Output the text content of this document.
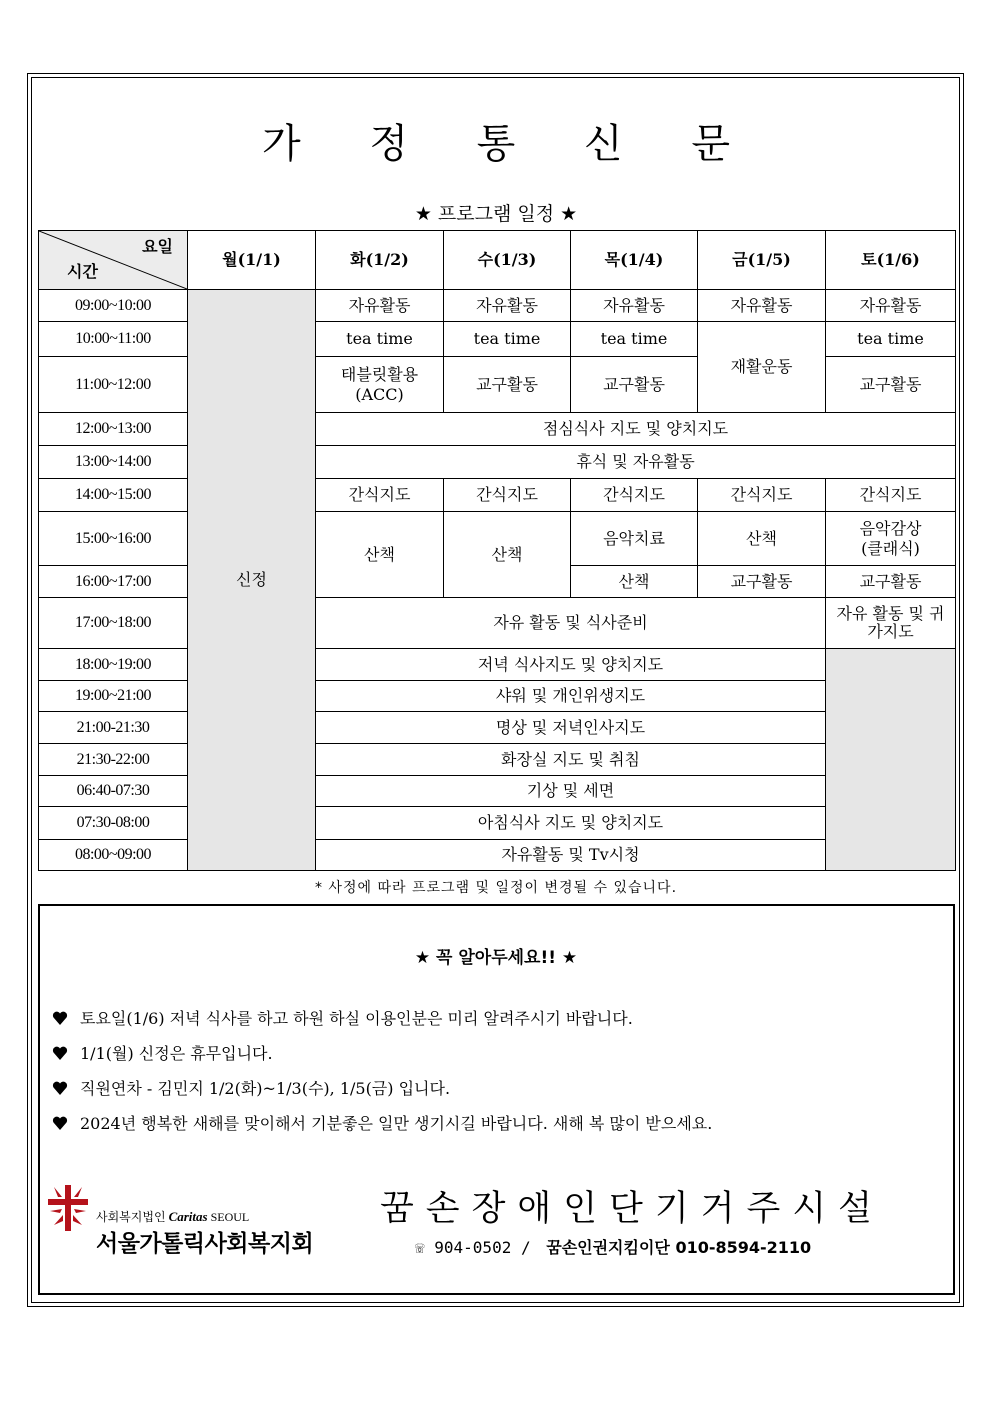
가 정 통 신 문
★ 프로그램 일정 ★
요일
시간	월(1/1)	화(1/2)	수(1/3)	목(1/4)	금(1/5)	토(1/6)
09:00~10:00	신정	자유활동	자유활동	자유활동	자유활동	자유활동
10:00~11:00		tea time	tea time	tea time	재활운동	tea time
11:00~12:00		태블릿활용(ACC)	교구활동	교구활동		교구활동
12:00~13:00		점심식사 지도 및 양치지도				
13:00~14:00		휴식 및 자유활동				
14:00~15:00		간식지도	간식지도	간식지도	간식지도	간식지도
15:00~16:00		산책	산책	음악치료	산책	음악감상(클래식)
16:00~17:00				산책	교구활동	교구활동
17:00~18:00		자유 활동 및 식사준비				자유 활동 및 귀가지도
18:00~19:00		저녁 식사지도 및 양치지도				
19:00~21:00		샤워 및 개인위생지도				
21:00-21:30		명상 및 저녁인사지도				
21:30-22:00		화장실 지도 및 취침				
06:40-07:30		기상 및 세면				
07:30-08:00		아침식사 지도 및 양치지도				
08:00~09:00		자유활동 및 Tv시청				
* 사정에 따라 프로그램 및 일정이 변경될 수 있습니다.
★ 꼭 알아두세요!! ★
토요일(1/6) 저녁 식사를 하고 하원 하실 이용인분은 미리 알려주시기 바랍니다.
1/1(월) 신정은 휴무입니다.
직원연차 - 김민지 1/2(화)~1/3(수), 1/5(금) 입니다.
2024년 행복한 새해를 맞이해서 기분좋은 일만 생기시길 바랍니다. 새해 복 많이 받으세요.
사회복지법인 Caritas SEOUL
서울가톨릭사회복지회
꿈손장애인단기거주시설
☏ 904-0502 / 꿈손인권지킴이단 010-8594-2110
